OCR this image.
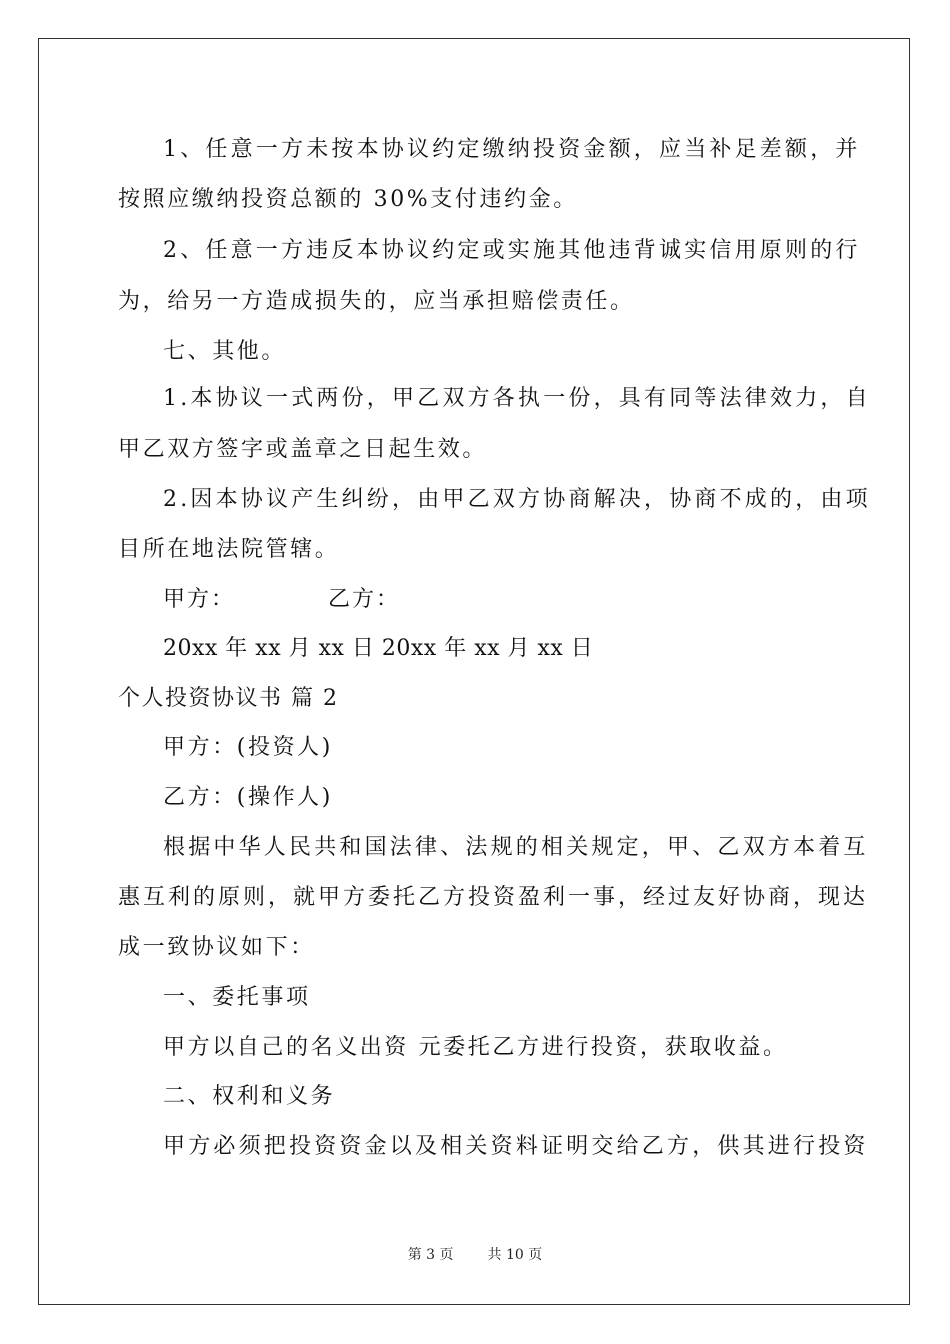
1、任意一方未按本协议约定缴纳投资金额，应当补足差额，并
按照应缴纳投资总额的 30%支付违约金。
2、任意一方违反本协议约定或实施其他违背诚实信用原则的行
为，给另一方造成损失的，应当承担赔偿责任。
七、其他。
1.本协议一式两份，甲乙双方各执一份，具有同等法律效力，自
甲乙双方签字或盖章之日起生效。
2.因本协议产生纠纷，由甲乙双方协商解决，协商不成的，由项
目所在地法院管辖。
甲方：	乙方：
20xx 年 xx 月 xx 日 20xx 年 xx 月 xx 日
个人投资协议书 篇 2
甲方：(投资人)
乙方：(操作人)
根据中华人民共和国法律、法规的相关规定，甲、乙双方本着互
惠互利的原则，就甲方委托乙方投资盈利一事，经过友好协商，现达
成一致协议如下：
一、委托事项
甲方以自己的名义出资 元委托乙方进行投资，获取收益。
二、权利和义务
甲方必须把投资资金以及相关资料证明交给乙方，供其进行投资
第 3 页 共 10 页
